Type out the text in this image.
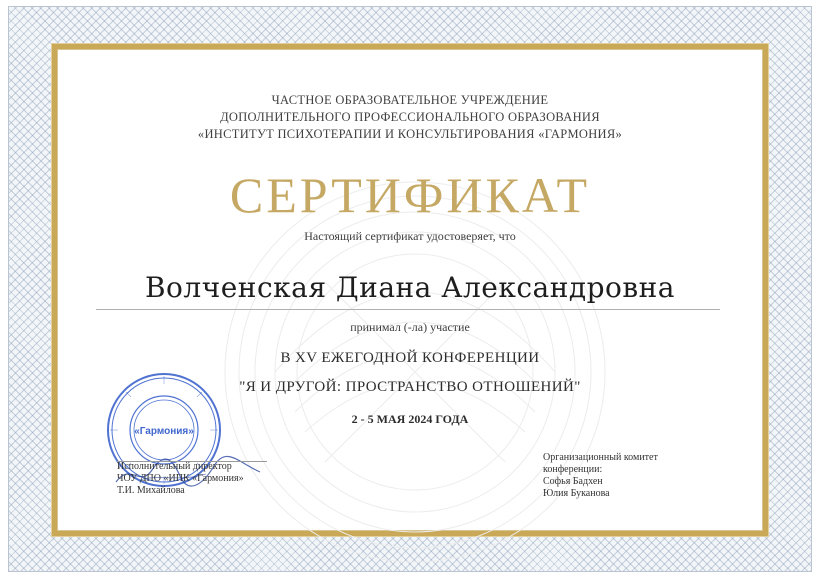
ЧАСТНОЕ ОБРАЗОВАТЕЛЬНОЕ УЧРЕЖДЕНИЕ
ДОПОЛНИТЕЛЬНОГО ПРОФЕССИОНАЛЬНОГО ОБРАЗОВАНИЯ
«ИНСТИТУТ ПСИХОТЕРАПИИ И КОНСУЛЬТИРОВАНИЯ «ГАРМОНИЯ»
СЕРТИФИКАТ
Настоящий сертификат удостоверяет, что
Волченская Диана Александровна
принимал (-ла) участие
В XV ЕЖЕГОДНОЙ КОНФЕРЕНЦИИ
"Я И ДРУГОЙ: ПРОСТРАНСТВО ОТНОШЕНИЙ"
2 - 5 МАЯ 2024 ГОДА
«Гармония»
Исполнительный директор
ЧОУ ДПО «ИПК «Гармония»
Т.И. Михайлова
Организационный комитет
конференции:
Софья Бадхен
Юлия Буканова
